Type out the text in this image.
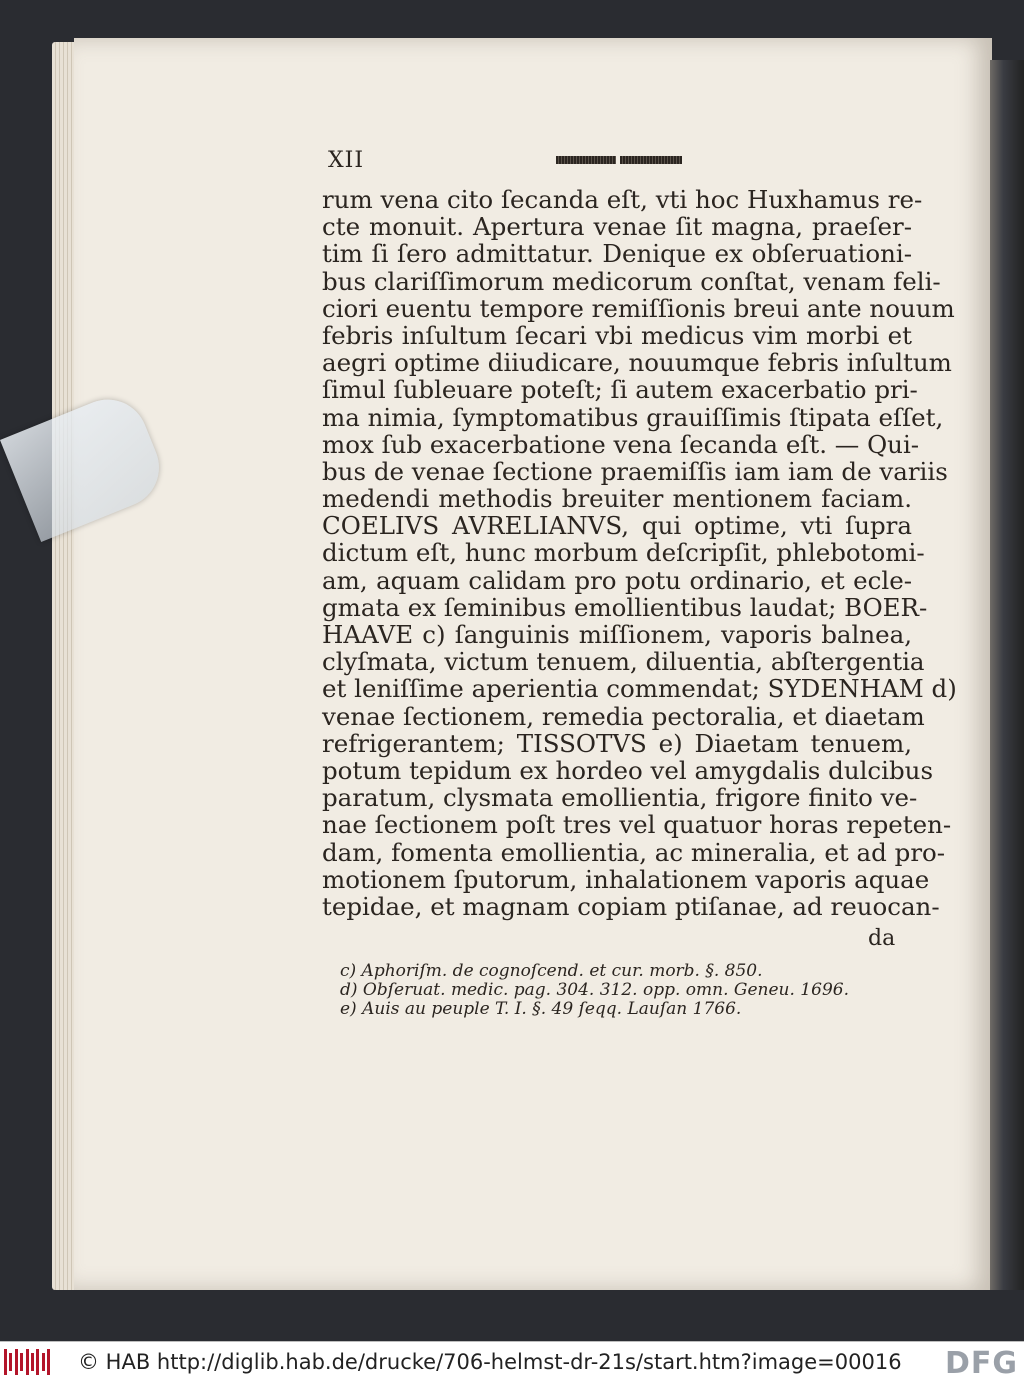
XII
rum vena cito ſecanda eſt, vti hoc Huxhamus re-
cte monuit. Apertura venae ſit magna, praeſer-
tim ſi ſero admittatur. Denique ex obſeruationi-
bus clariſſimorum medicorum conſtat, venam feli-
ciori euentu tempore remiſſionis breui ante nouum
febris inſultum ſecari vbi medicus vim morbi et
aegri optime diiudicare, nouumque febris inſultum
ſimul ſubleuare poteſt; ſi autem exacerbatio pri-
ma nimia, ſymptomatibus grauiſſimis ſtipata eſſet,
mox ſub exacerbatione vena ſecanda eſt. — Qui-
bus de venae ſectione praemiſſis iam iam de variis
medendi methodis breuiter mentionem faciam.
COELIVS AVRELIANVS, qui optime, vti ſupra
dictum eſt, hunc morbum deſcripſit, phlebotomi-
am, aquam calidam pro potu ordinario, et ecle-
gmata ex ſeminibus emollientibus laudat; BOER-
HAAVE c) ſanguinis miſſionem, vaporis balnea,
clyſmata, victum tenuem, diluentia, abſtergentia
et leniſſime aperientia commendat; SYDENHAM d)
venae ſectionem, remedia pectoralia, et diaetam
refrigerantem; TISSOTVS e) Diaetam tenuem,
potum tepidum ex hordeo vel amygdalis dulcibus
paratum, clysmata emollientia, frigore finito ve-
nae ſectionem poſt tres vel quatuor horas repeten-
dam, fomenta emollientia, ac mineralia, et ad pro-
motionem ſputorum, inhalationem vaporis aquae
tepidae, et magnam copiam ptiſanae, ad reuocan-
da
c) Aphoriſm. de cognoſcend. et cur. morb. §. 850.
d) Obſeruat. medic. pag. 304. 312. opp. omn. Geneu. 1696.
e) Auis au peuple T. I. §. 49 ſeqq. Lauſan 1766.
© HAB http://diglib.hab.de/drucke/706-helmst-dr-21s/start.htm?image=00016 DFG
